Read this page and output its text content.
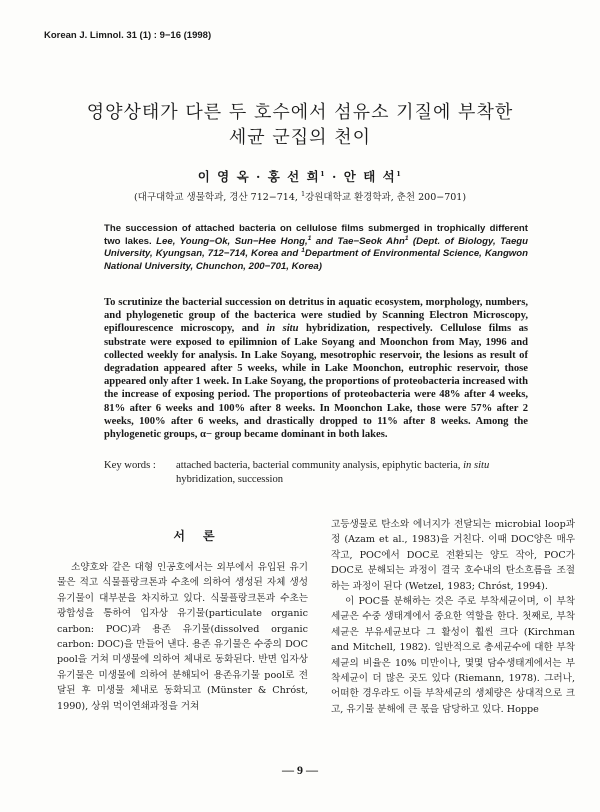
Korean J. Limnol. 31 (1) : 9−16 (1998)
영양상태가 다른 두 호수에서 섬유소 기질에 부착한
세균 군집의 천이
이 영 옥 · 홍 선 희$^1$ · 안 태 석$^1$
(대구대학교 생물학과, 경산 712−714, $^1$강원대학교 환경학과, 춘천 200−701)
The succession of attached bacteria on cellulose films submerged in trophically different two lakes. Lee, Young−Ok, Sun−Hee Hong,$^1$ and Tae−Seok Ahn$^1$ (Dept. of Biology, Taegu University, Kyungsan, 712−714, Korea and $^1$Department of Environmental Science, Kangwon National University, Chunchon, 200−701, Korea)
To scrutinize the bacterial succession on detritus in aquatic ecosystem, morphology, numbers, and phylogenetic group of the bacterica were studied by Scanning Electron Microscopy, epiflourescence microscopy, and in situ hybridization, respectively. Cellulose films as substrate were exposed to epilimnion of Lake Soyang and Moonchon from May, 1996 and collected weekly for analysis. In Lake Soyang, mesotrophic reservoir, the lesions as result of degradation appeared after 5 weeks, while in Lake Moonchon, eutrophic reservoir, those appeared only after 1 week. In Lake Soyang, the proportions of proteobacteria increased with the increase of exposing period. The proportions of proteobacteria were 48% after 4 weeks, 81% after 6 weeks and 100% after 8 weeks. In Moonchon Lake, those were 57% after 2 weeks, 100% after 6 weeks, and drastically dropped to 11% after 8 weeks. Among the phylogenetic groups, α− group became dominant in both lakes.
Key words : attached bacteria, bacterial community analysis, epiphytic bacteria, in situ
hybridization, succession
서론

소양호와 같은 대형 인공호에서는 외부에서 유입된 유기물은 적고 식물플랑크톤과 수초에 의하여 생성된 자체 생성 유기물이 대부분을 차지하고 있다. 식물플랑크톤과 수초는 광합성을 통하여 입자상 유기물(particulate organic carbon: POC)과 용존 유기물(dissolved organic carbon: DOC)을 만들어 낸다. 용존 유기물은 수중의 DOC pool을 거쳐 미생물에 의하여 체내로 동화된다. 반면 입자상 유기물은 미생물에 의하여 분해되어 용존유기물 pool로 전달된 후 미생물 체내로 동화되고 (Münster & Chróst, 1990), 상위 먹이연쇄과정을 거쳐

고등생물로 탄소와 에너지가 전달되는 microbial loop과정 (Azam et al., 1983)을 거친다. 이때 DOC양은 매우 작고, POC에서 DOC로 전환되는 양도 작아, POC가 DOC로 분해되는 과정이 결국 호수내의 탄소흐름을 조절하는 과정이 된다 (Wetzel, 1983; Chróst, 1994).

이 POC를 분해하는 것은 주로 부착세균이며, 이 부착세균은 수중 생태계에서 중요한 역할을 한다. 첫째로, 부착세균은 부유세균보다 그 활성이 훨씬 크다 (Kirchman and Mitchell, 1982). 일반적으로 총세균수에 대한 부착세균의 비율은 10% 미만이나, 몇몇 담수생태계에서는 부착세균이 더 많은 곳도 있다 (Riemann, 1978). 그러나, 어떠한 경우라도 이들 부착세균의 생체량은 상대적으로 크고, 유기물 분해에 큰 몫을 담당하고 있다. Hoppe

— 9 —
